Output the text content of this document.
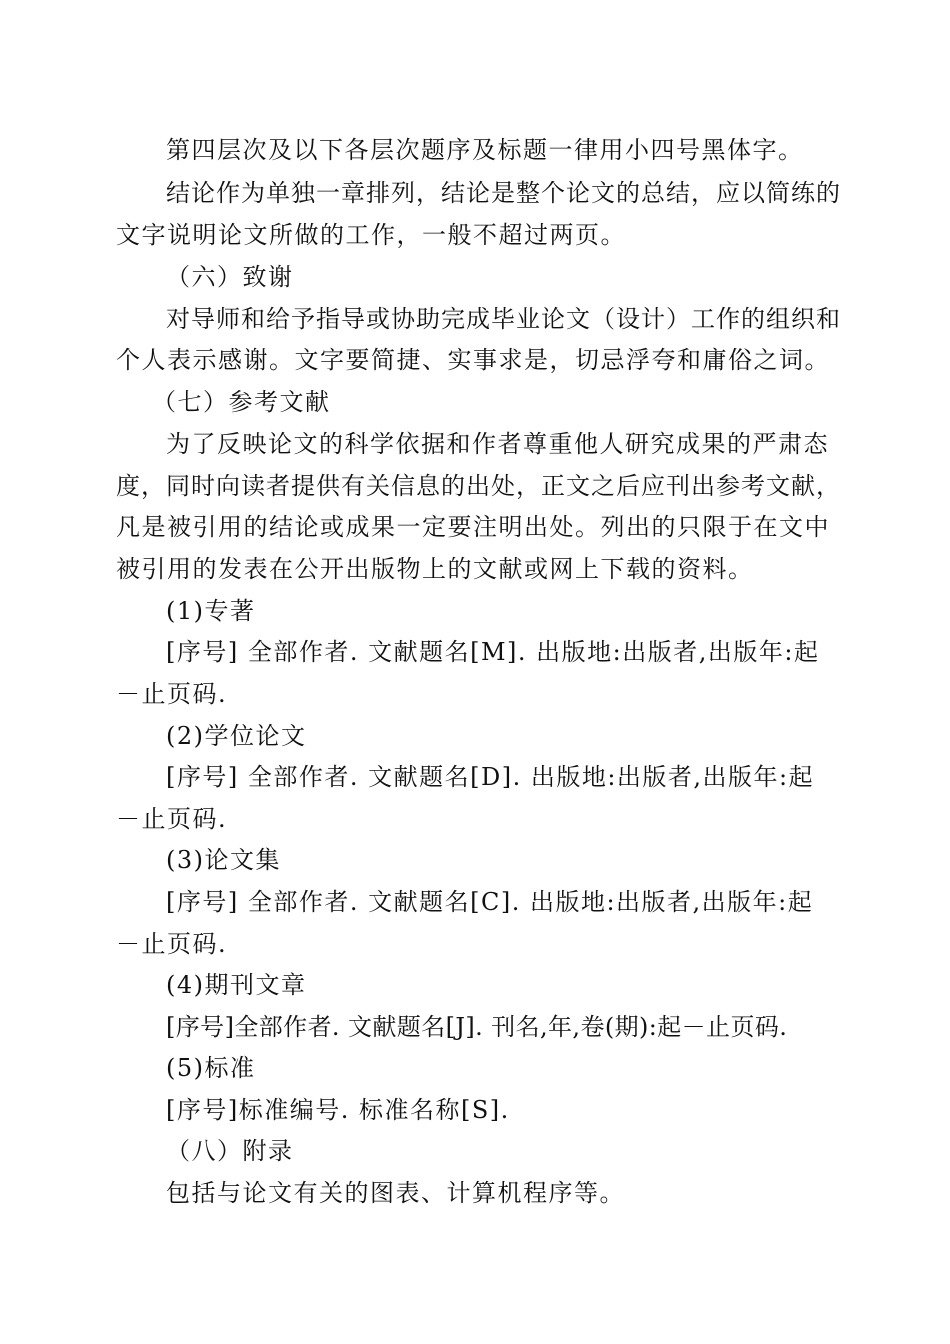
第四层次及以下各层次题序及标题一律用小四号黑体字。
结论作为单独一章排列，结论是整个论文的总结，应以简练的
文字说明论文所做的工作，一般不超过两页。
（六）致谢
对导师和给予指导或协助完成毕业论文（设计）工作的组织和
个人表示感谢。文字要简捷、实事求是，切忌浮夸和庸俗之词。
（七）参考文献
为了反映论文的科学依据和作者尊重他人研究成果的严肃态
度，同时向读者提供有关信息的出处，正文之后应刊出参考文献，
凡是被引用的结论或成果一定要注明出处。列出的只限于在文中
被引用的发表在公开出版物上的文献或网上下载的资料。
(1)专著
[序号] 全部作者. 文献题名[M]. 出版地:出版者,出版年:起
－止页码.
(2)学位论文
[序号] 全部作者. 文献题名[D]. 出版地:出版者,出版年:起
－止页码.
(3)论文集
[序号] 全部作者. 文献题名[C]. 出版地:出版者,出版年:起
－止页码.
(4)期刊文章
[序号]全部作者. 文献题名[J]. 刊名,年,卷(期):起－止页码.
(5)标准
[序号]标准编号. 标准名称[S].
（八）附录
包括与论文有关的图表、计算机程序等。
